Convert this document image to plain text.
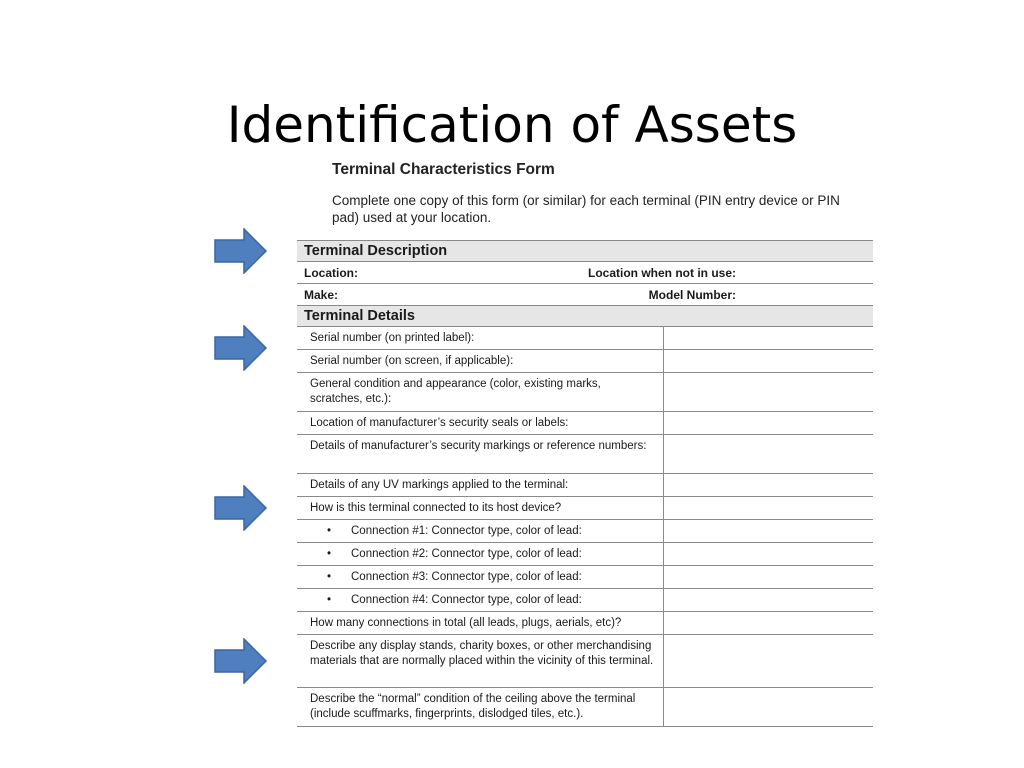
Identification of Assets
Terminal Characteristics Form
Complete one copy of this form (or similar) for each terminal (PIN entry device or PIN pad) used at your location.
Terminal Description
Location:	Location when not in use:
Make:	Model Number:
Terminal Details
Serial number (on printed label):
Serial number (on screen, if applicable):
General condition and appearance (color, existing marks, scratches, etc.):
Location of manufacturer’s security seals or labels:
Details of manufacturer’s security markings or reference numbers:
Details of any UV markings applied to the terminal:
How is this terminal connected to its host device?
• Connection #1: Connector type, color of lead:
• Connection #2: Connector type, color of lead:
• Connection #3: Connector type, color of lead:
• Connection #4: Connector type, color of lead:
How many connections in total (all leads, plugs, aerials, etc)?
Describe any display stands, charity boxes, or other merchandising materials that are normally placed within the vicinity of this terminal.
Describe the “normal” condition of the ceiling above the terminal (include scuffmarks, fingerprints, dislodged tiles, etc.).
